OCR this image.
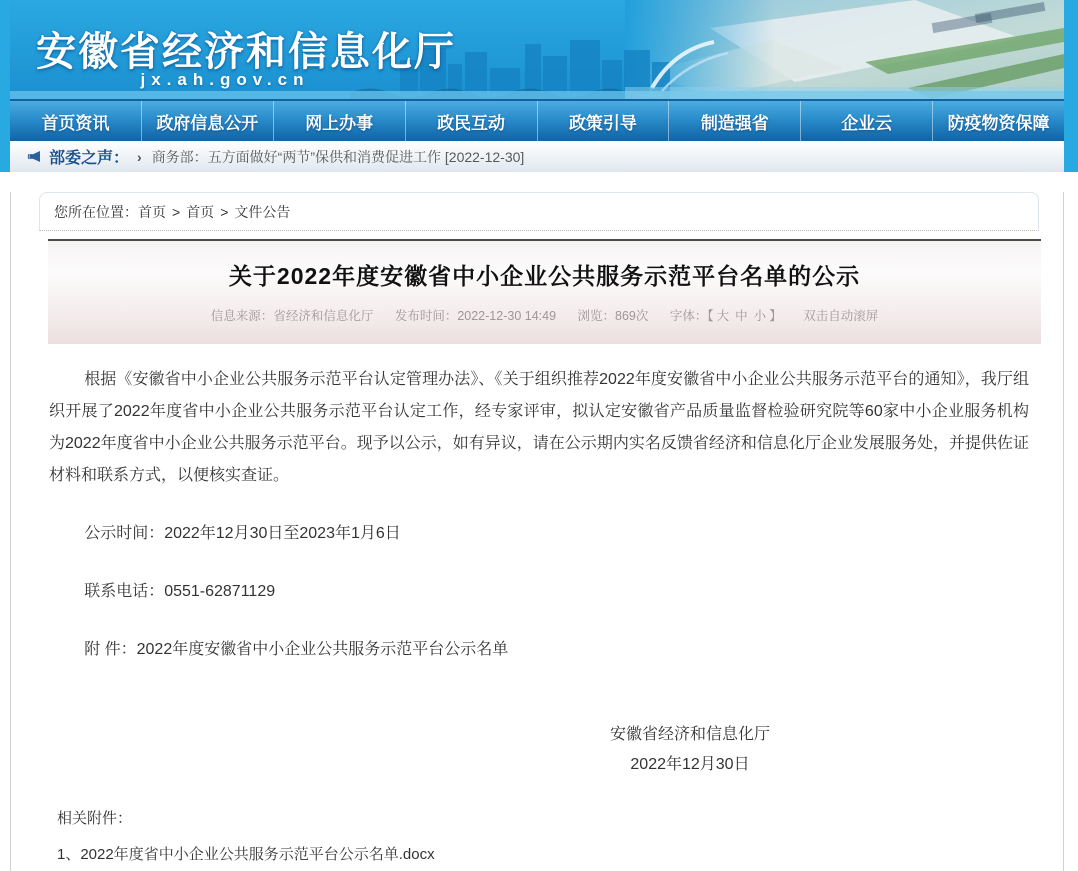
安徽省经济和信息化厅
jx.ah.gov.cn
首页资讯	政府信息公开	网上办事	政民互动	政策引导	制造强省	企业云	防疫物资保障
部委之声： › 商务部：五方面做好“两节”保供和消费促进工作 [2022-12-30]
您所在位置：首页 > 首页 > 文件公告
关于2022年度安徽省中小企业公共服务示范平台名单的公示
信息来源：省经济和信息化厅 发布时间：2022-12-30 14:49 浏览：869次 字体：【 大 中 小 】 双击自动滚屏

根据《安徽省中小企业公共服务示范平台认定管理办法》、《关于组织推荐2022年度安徽省中小企业公共服务示范平台的通知》，我厅组织开展了2022年度省中小企业公共服务示范平台认定工作，经专家评审，拟认定安徽省产品质量监督检验研究院等60家中小企业服务机构为2022年度省中小企业公共服务示范平台。现予以公示，如有异议，请在公示期内实名反馈省经济和信息化厅企业发展服务处，并提供佐证材料和联系方式，以便核实查证。

公示时间：2022年12月30日至2023年1月6日

联系电话：0551-62871129

附 件：2022年度安徽省中小企业公共服务示范平台公示名单

安徽省经济和信息化厅
2022年12月30日
相关附件：
1、2022年度省中小企业公共服务示范平台公示名单.docx
